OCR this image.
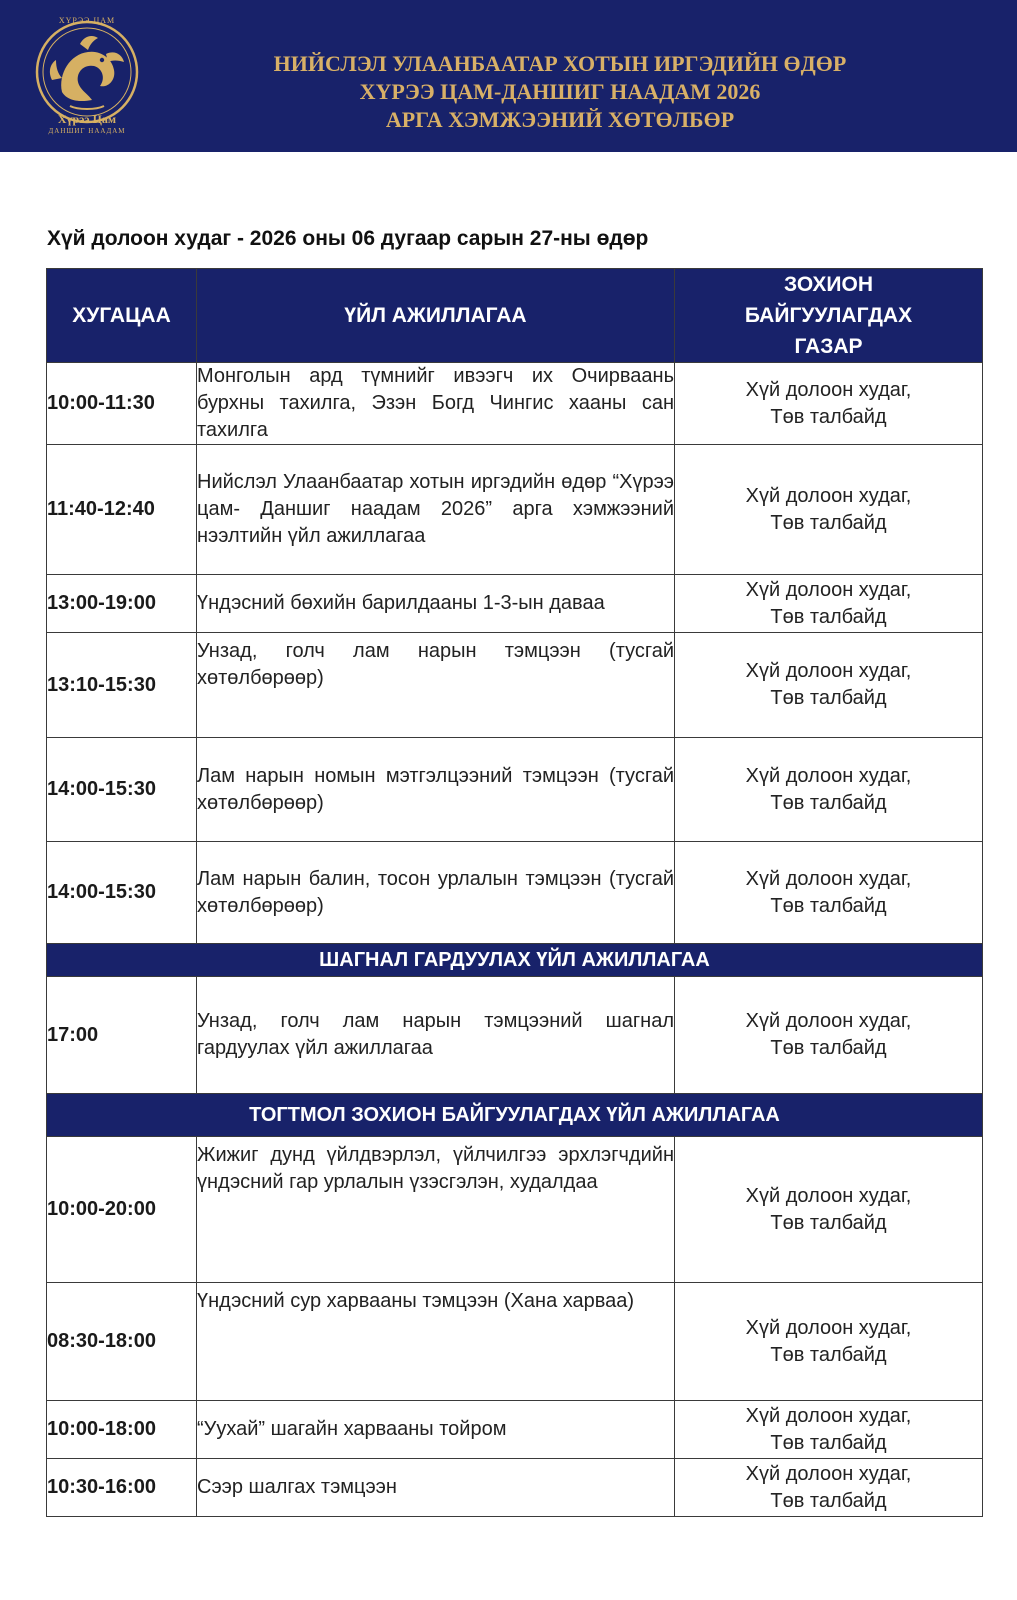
ХҮРЭЭ ЦАМ
Хүрээ Цам
ДАНШИГ НААДАМ
НИЙСЛЭЛ УЛААНБААТАР ХОТЫН ИРГЭДИЙН ӨДӨР
ХҮРЭЭ ЦАМ-ДАНШИГ НААДАМ 2026
АРГА ХЭМЖЭЭНИЙ ХӨТӨЛБӨР
Хүй долоон худаг - 2026 оны 06 дугаар сарын 27-ны өдөр
ХУГАЦАА	ҮЙЛ АЖИЛЛАГАА	ЗОХИОН
БАЙГУУЛАГДАХ
ГАЗАР

10:00-11:30	Монголын ард түмнийг ивээгч их Очирваань бурхны тахилга, Эзэн Богд Чингис хааны сан тахилга	Хүй долоон худаг,
Төв талбайд

11:40-12:40	Нийслэл Улаанбаатар хотын иргэдийн өдөр “Хүрээ цам- Даншиг наадам 2026” арга хэмжээний нээлтийн үйл ажиллагаа	Хүй долоон худаг,
Төв талбайд

13:00-19:00	Үндэсний бөхийн барилдааны 1-3-ын даваа	Хүй долоон худаг,
Төв талбайд

13:10-15:30	Унзад, голч лам нарын тэмцээн (тусгай хөтөлбөрөөр)	Хүй долоон худаг,
Төв талбайд

14:00-15:30	Лам нарын номын мэтгэлцээний тэмцээн (тусгай хөтөлбөрөөр)	Хүй долоон худаг,
Төв талбайд

14:00-15:30	Лам нарын балин, тосон урлалын тэмцээн (тусгай хөтөлбөрөөр)	Хүй долоон худаг,
Төв талбайд

ШАГНАЛ ГАРДУУЛАХ ҮЙЛ АЖИЛЛАГАА		
17:00	Унзад, голч лам нарын тэмцээний шагнал гардуулах үйл ажиллагаа	Хүй долоон худаг,
Төв талбайд

ТОГТМОЛ ЗОХИОН БАЙГУУЛАГДАХ ҮЙЛ АЖИЛЛАГАА		
10:00-20:00	Жижиг дунд үйлдвэрлэл, үйлчилгээ эрхлэгчдийн үндэсний гар урлалын үзэсгэлэн, худалдаа	Хүй долоон худаг,
Төв талбайд

08:30-18:00	Үндэсний сур харвааны тэмцээн (Хана харваа)	Хүй долоон худаг,
Төв талбайд

10:00-18:00	“Уухай” шагайн харвааны тойром	Хүй долоон худаг,
Төв талбайд

10:30-16:00	Сээр шалгах тэмцээн	Хүй долоон худаг,
Төв талбайд
